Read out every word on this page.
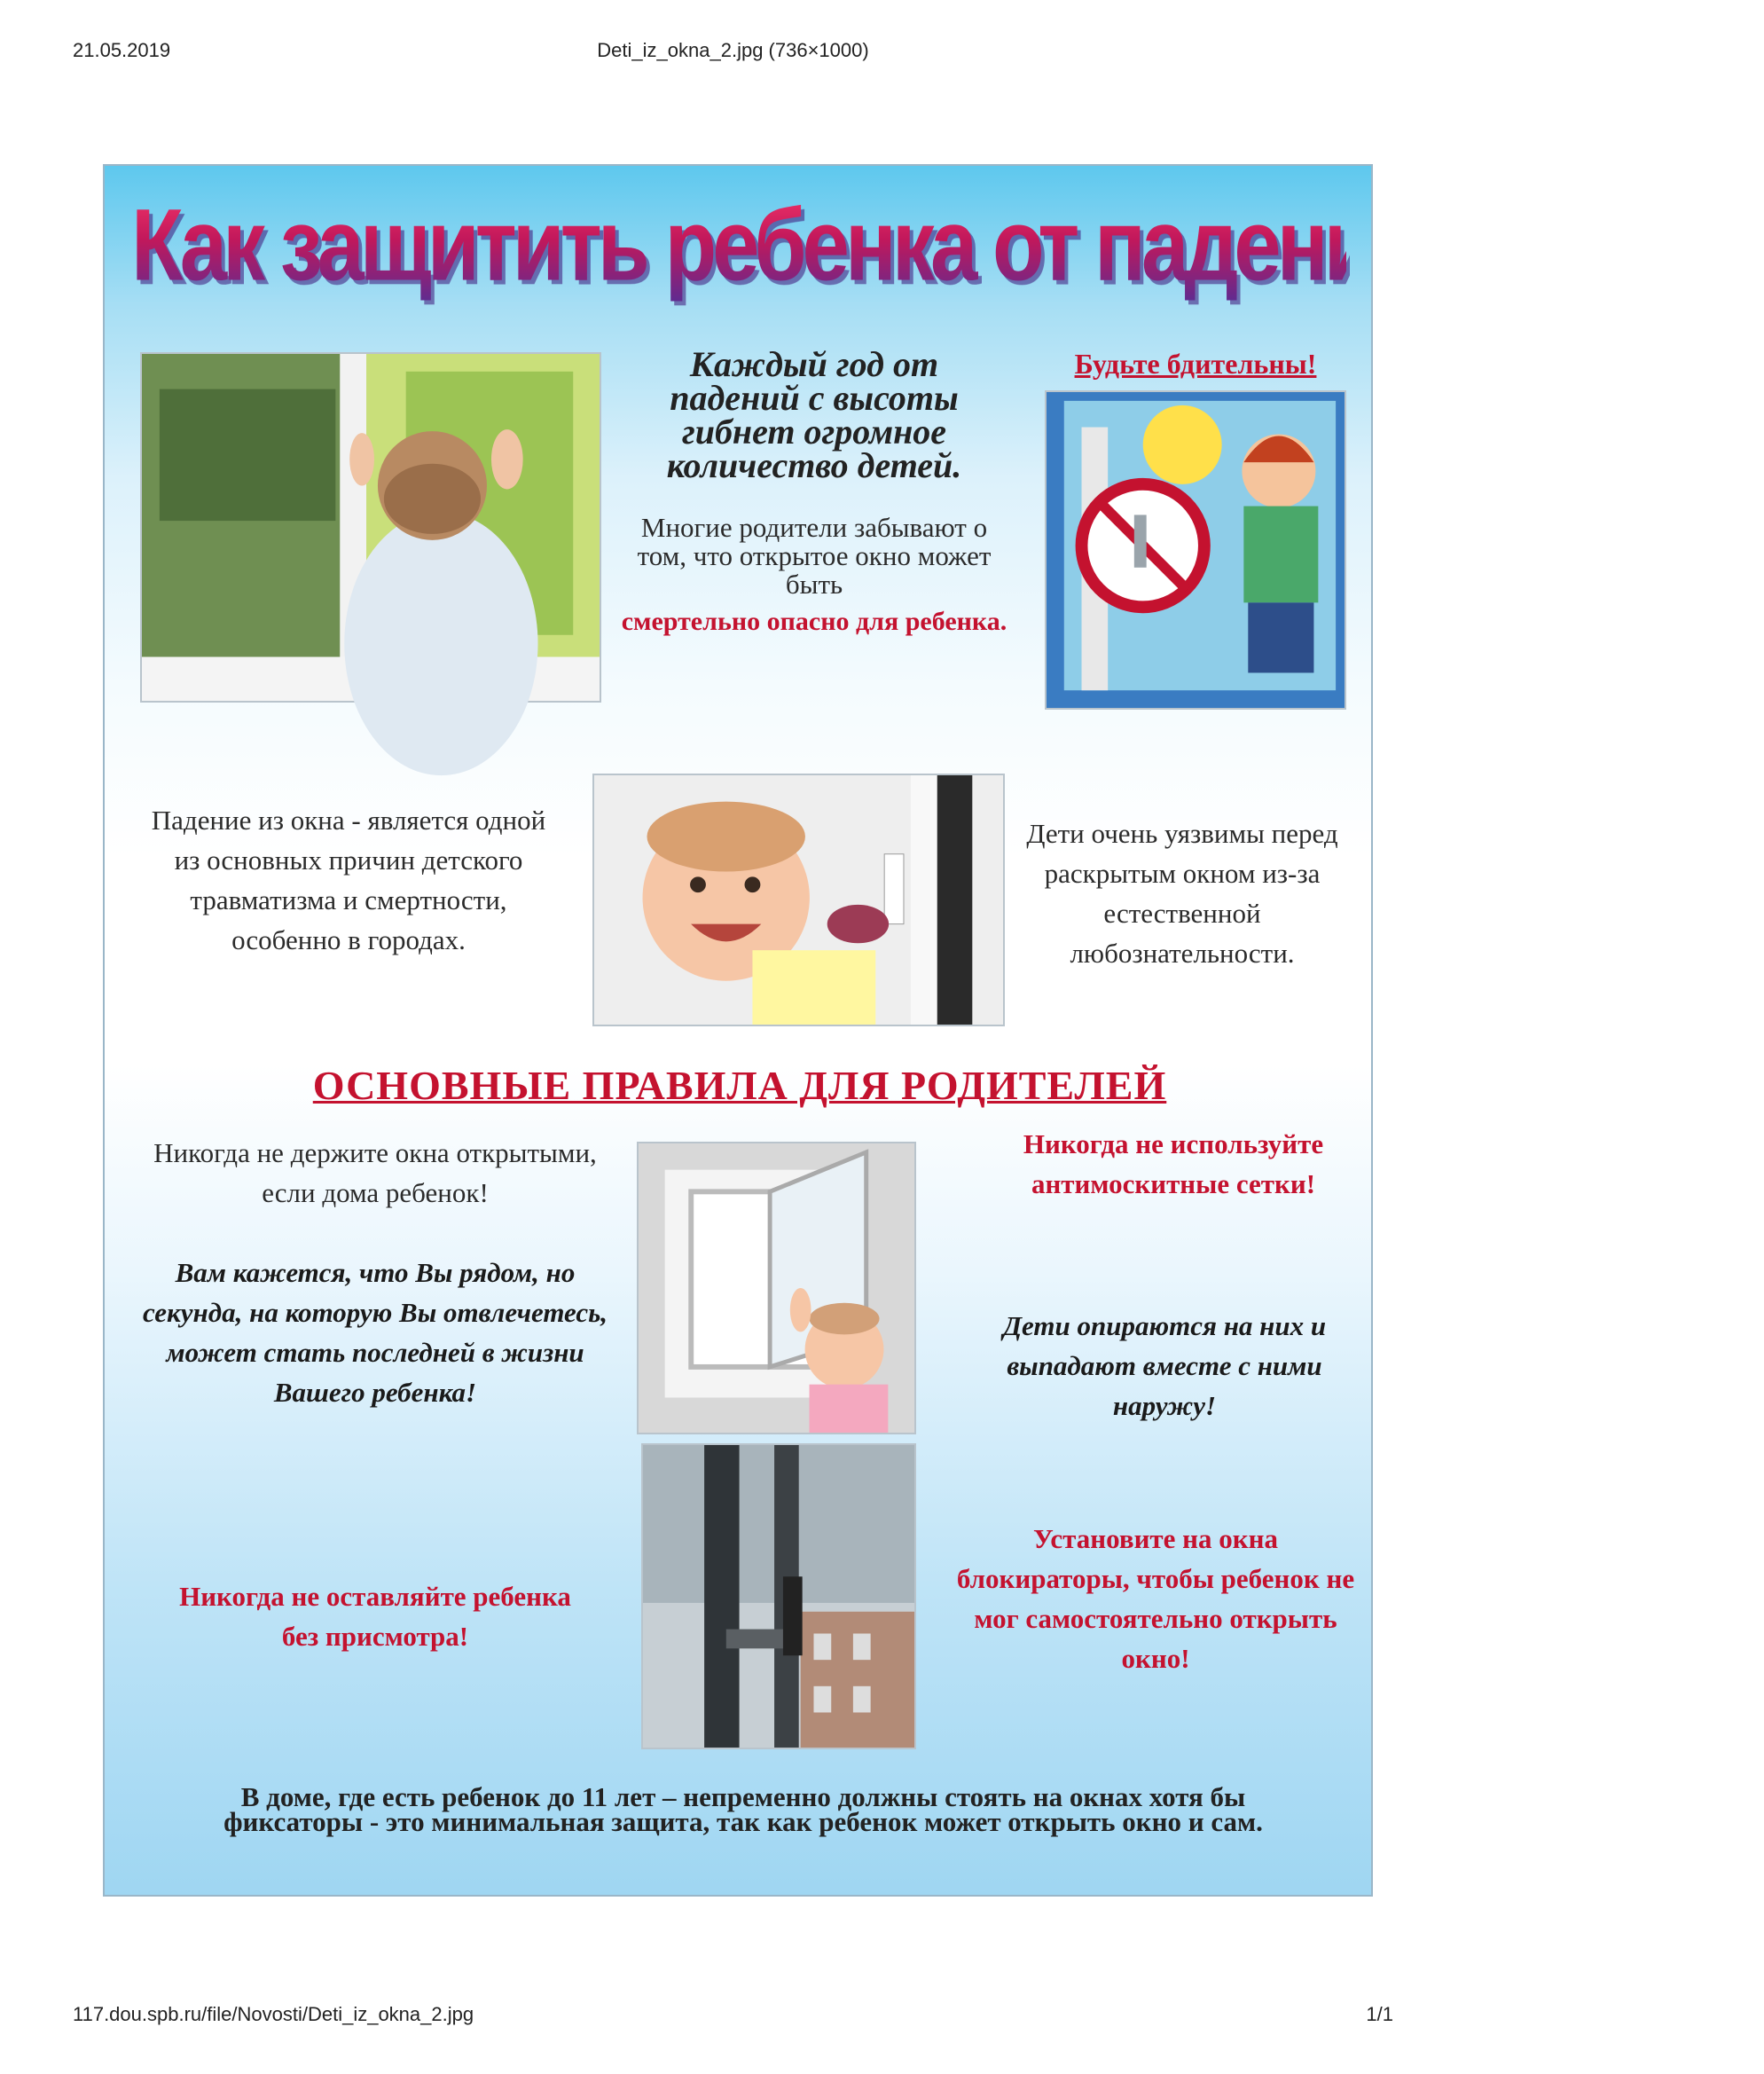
21.05.2019	Deti_iz_okna_2.jpg (736×1000)
Как защитить ребенка от падения из окна?
Каждый год от падений с высоты гибнет огромное количество детей.
Многие родители забывают о том, что открытое окно может быть
смертельно опасно для ребенка.
Будьте бдительны!
Падение из окна - является одной из основных причин детского травматизма и смертности, особенно в городах.
Дети очень уязвимы перед раскрытым окном из-за естественной любознательности.
ОСНОВНЫЕ ПРАВИЛА ДЛЯ РОДИТЕЛЕЙ
Никогда не держите окна открытыми, если дома ребенок!
Вам кажется, что Вы рядом, но секунда, на которую Вы отвлечетесь, может стать последней в жизни Вашего ребенка!
Никогда не оставляйте ребенка без присмотра!
Никогда не используйте антимоскитные сетки!
Дети опираются на них и выпадают вместе с ними наружу!
Установите на окна блокираторы, чтобы ребенок не мог самостоятельно открыть окно!
В доме, где есть ребенок до 11 лет – непременно должны стоять на окнах хотя бы фиксаторы - это минимальная защита, так как ребенок может открыть окно и сам.
117.dou.spb.ru/file/Novosti/Deti_iz_okna_2.jpg	1/1
